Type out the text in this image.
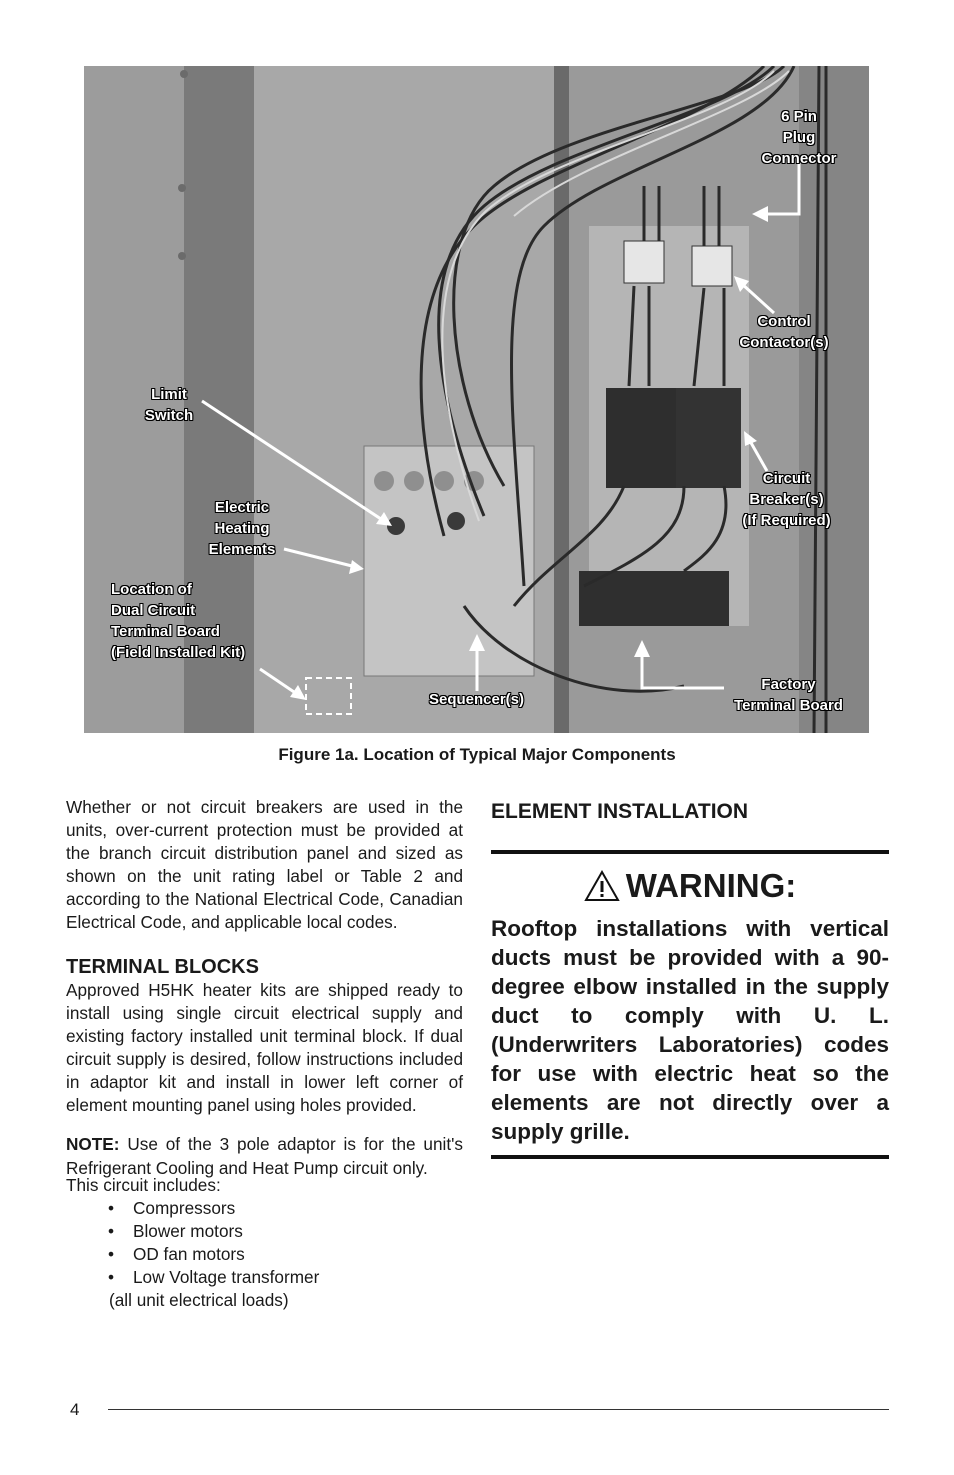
6 Pin
Plug
Connector
Control
Contactor(s)
Limit
Switch
Circuit
Breaker(s)
(If Required)
Electric
Heating
Elements
Location of
Dual Circuit
Terminal Board
(Field Installed Kit)
Sequencer(s)
Factory
Terminal Board
Figure 1a. Location of Typical Major Components

Whether or not circuit breakers are used in the units, over-current protection must be provided at the branch circuit distribution panel and sized as shown on the unit rating label or Table 2 and according to the National Electrical Code, Canadian Electrical Code, and applicable local codes.

TERMINAL BLOCKS

Approved H5HK heater kits are shipped ready to install using single circuit electrical supply and existing factory installed unit terminal block. If dual circuit supply is desired, follow instructions included in adaptor kit and install in lower left corner of element mounting panel using holes provided.

NOTE: Use of the 3 pole adaptor is for the unit's Refrigerant Cooling and Heat Pump circuit only.

This circuit includes:
• Compressors
• Blower motors
• OD fan motors
• Low Voltage transformer
(all unit electrical loads)
ELEMENT INSTALLATION
WARNING:

Rooftop installations with vertical ducts must be provided with a 90-degree elbow installed in the supply duct to comply with U. L. (Underwriters Laboratories) codes for use with electric heat so the elements are not directly over a supply grille.

4
